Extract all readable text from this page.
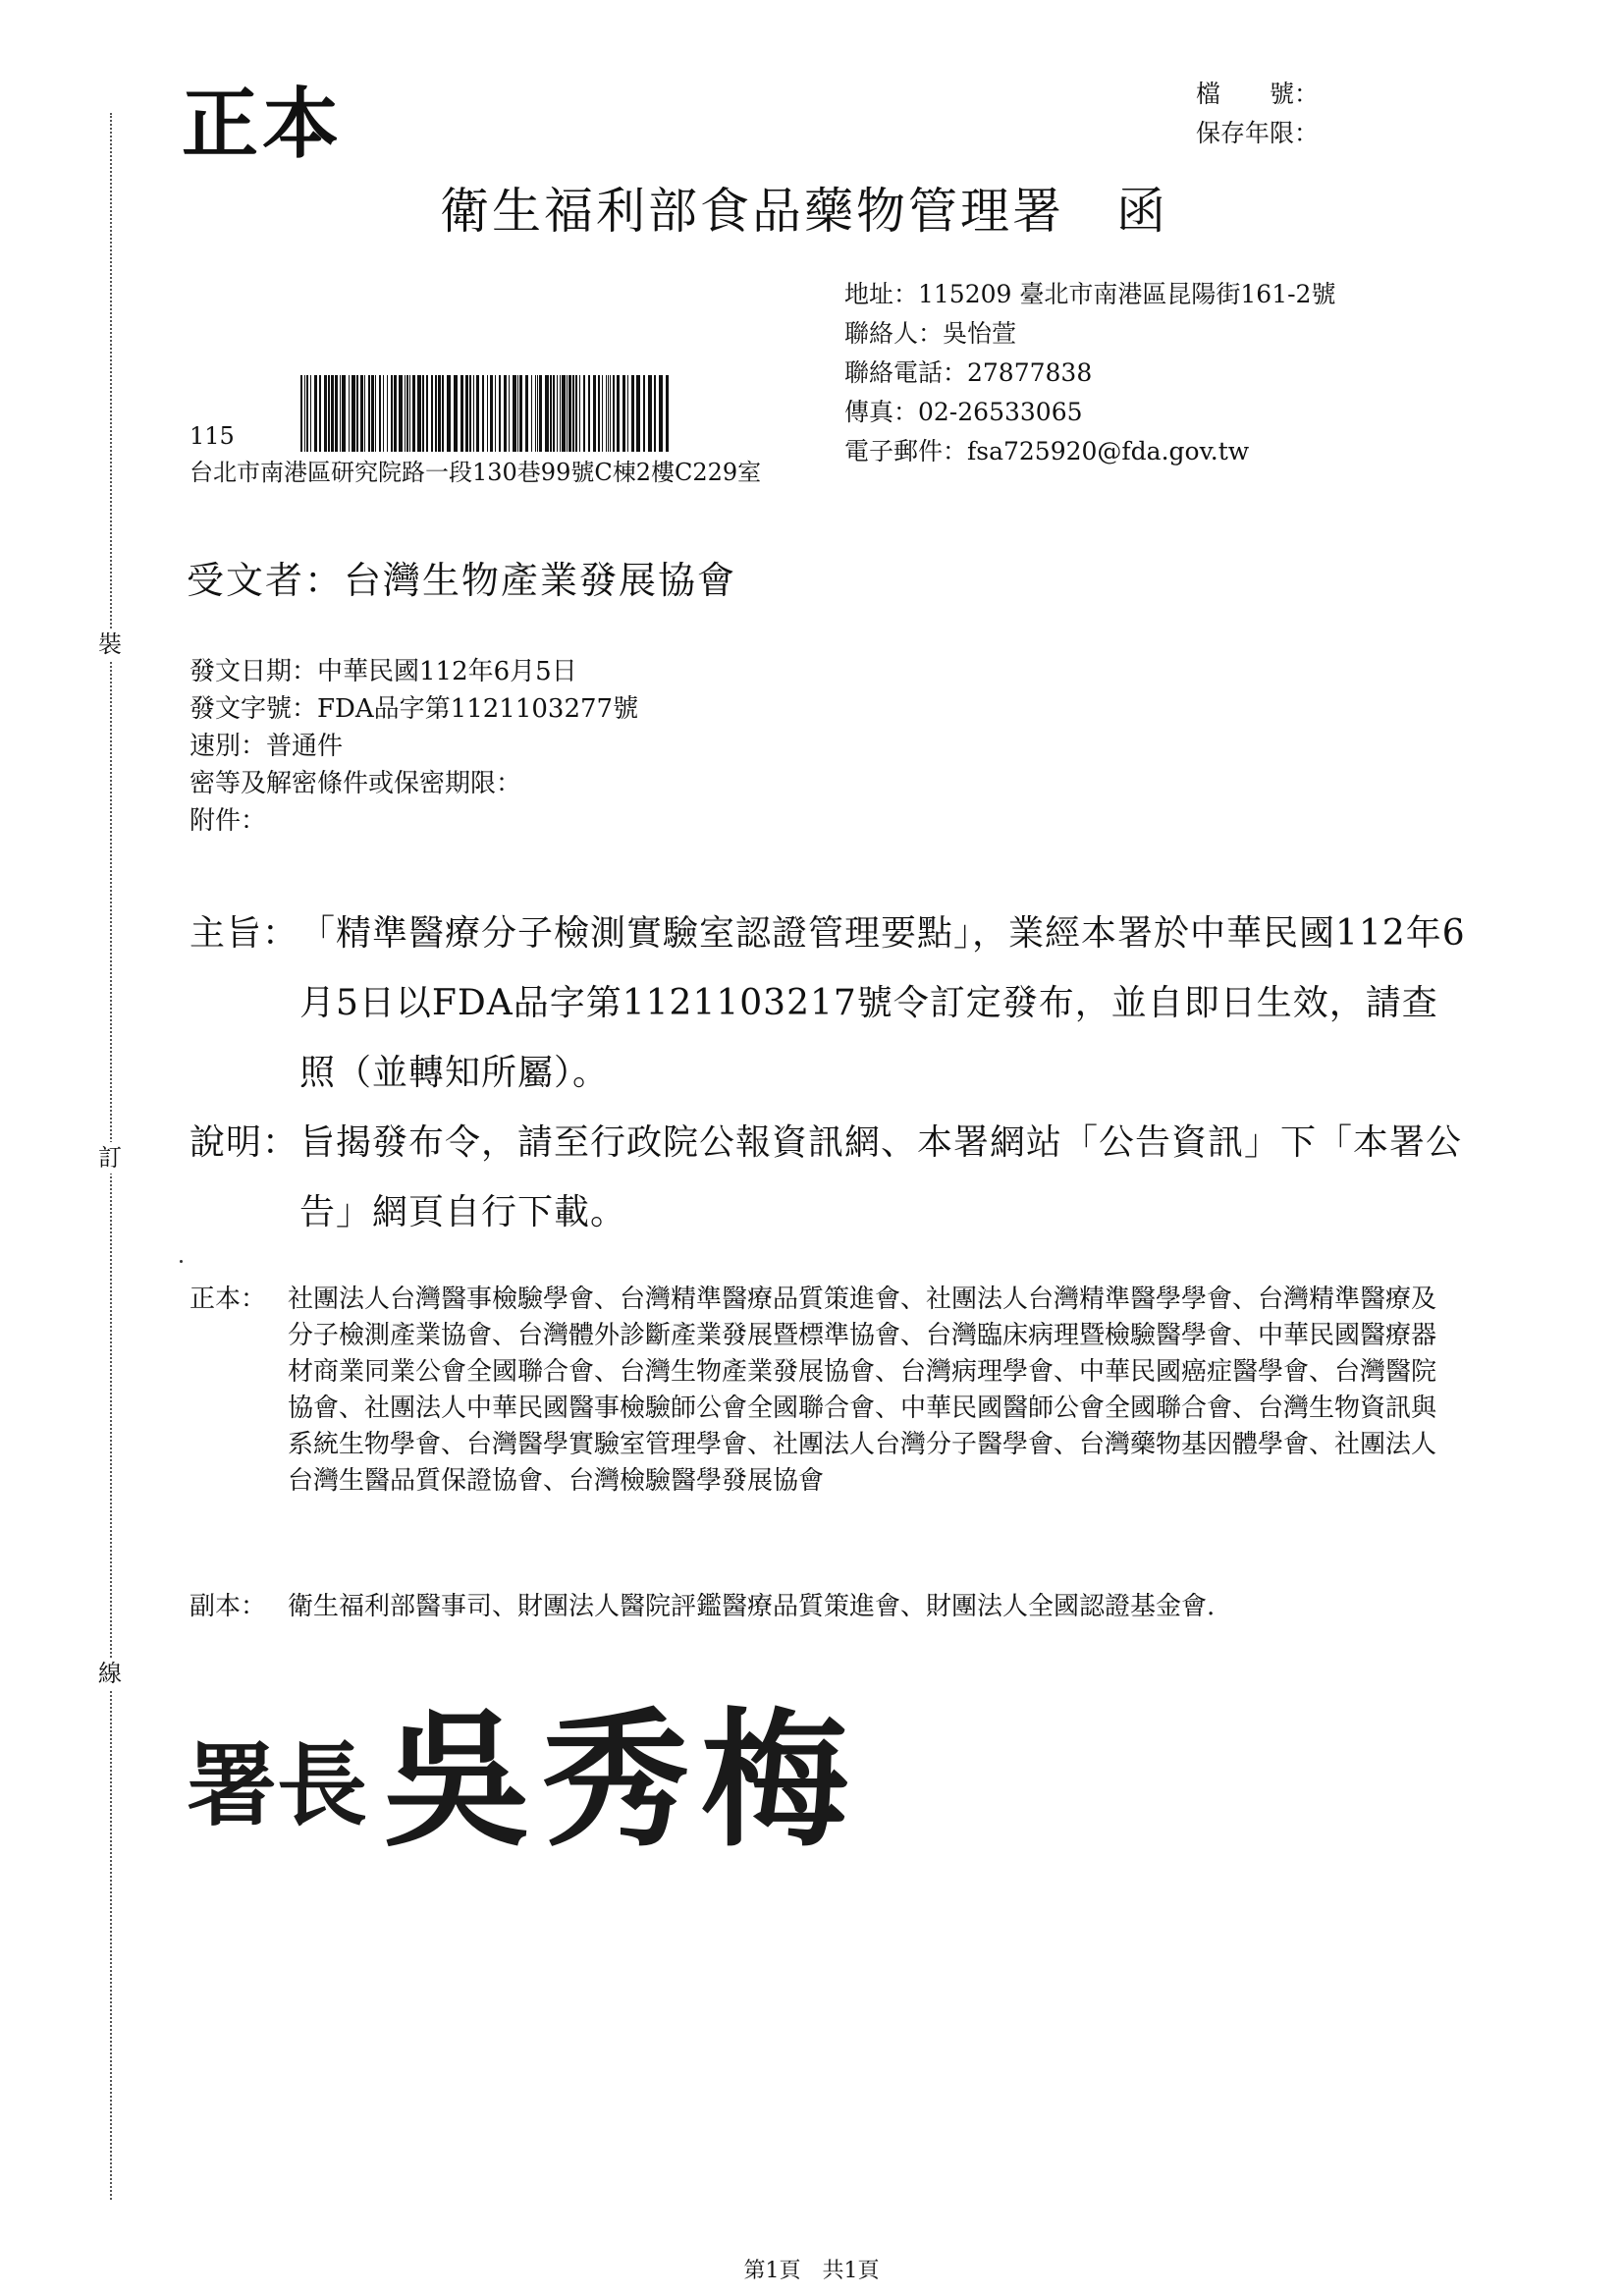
正本	檔　　號：
保存年限：
衛生福利部食品藥物管理署　函
地址：115209 臺北市南港區昆陽街161-2號
聯絡人：吳怡萱
聯絡電話：27877838
傳真：02-26533065
電子郵件：fsa725920@fda.gov.tw
115
台北市南港區研究院路一段130巷99號C棟2樓C229室
裝
訂
線
受文者：台灣生物產業發展協會
發文日期：中華民國112年6月5日
發文字號：FDA品字第1121103277號
速別：普通件
密等及解密條件或保密期限：
附件：
主旨： 「精準醫療分子檢測實驗室認證管理要點」，業經本署於中華民國112年6月5日以FDA品字第1121103217號令訂定發布，並自即日生效，請查照（並轉知所屬）。
說明： 旨揭發布令，請至行政院公報資訊網、本署網站「公告資訊」下「本署公告」網頁自行下載。
正本： 社團法人台灣醫事檢驗學會、台灣精準醫療品質策進會、社團法人台灣精準醫學學會、台灣精準醫療及分子檢測產業協會、台灣體外診斷產業發展暨標準協會、台灣臨床病理暨檢驗醫學會、中華民國醫療器材商業同業公會全國聯合會、台灣生物產業發展協會、台灣病理學會、中華民國癌症醫學會、台灣醫院協會、社團法人中華民國醫事檢驗師公會全國聯合會、中華民國醫師公會全國聯合會、台灣生物資訊與系統生物學會、台灣醫學實驗室管理學會、社團法人台灣分子醫學會、台灣藥物基因體學會、社團法人台灣生醫品質保證協會、台灣檢驗醫學發展協會
副本： 衛生福利部醫事司、財團法人醫院評鑑醫療品質策進會、財團法人全國認證基金會.
署長 吳秀梅
第1頁　共1頁
